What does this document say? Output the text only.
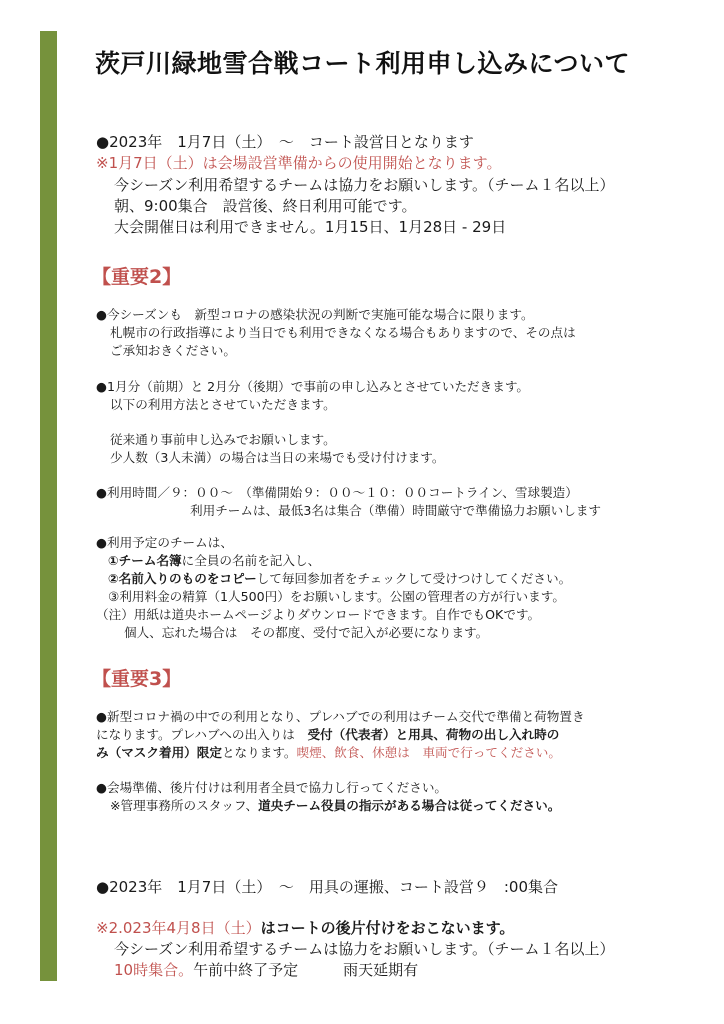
茨戸川緑地雪合戦コート利用申し込みについて
●2023年　1月7日（土）　～　コート設営日となります
※1月7日（土）は会場設営準備からの使用開始となります。
今シーズン利用希望するチームは協力をお願いします。（チーム１名以上）
朝、9:00集合　設営後、終日利用可能です。
大会開催日は利用できません。1月15日、1月28日 - 29日
【重要2】
●今シーズンも　新型コロナの感染状況の判断で実施可能な場合に限ります。
札幌市の行政指導により当日でも利用できなくなる場合もありますので、その点は
ご承知おきください。
●1月分（前期）と 2月分（後期）で事前の申し込みとさせていただきます。
以下の利用方法とさせていただきます。
従来通り事前申し込みでお願いします。
少人数（3人未満）の場合は当日の来場でも受け付けます。
●利用時間／９：００～　（準備開始９：００～１０：００コートライン、雪球製造）
利用チームは、最低3名は集合（準備）時間厳守で準備協力お願いします
●利用予定のチームは、
①チーム名簿に全員の名前を記入し、
②名前入りのものをコピーして毎回参加者をチェックして受けつけしてください。
③利用料金の精算（1人500円）をお願いします。公園の管理者の方が行います。
（注）用紙は道央ホームページよりダウンロードできます。自作でもOKです。
個人、忘れた場合は　その都度、受付で記入が必要になります。
【重要3】
●新型コロナ禍の中での利用となり、プレハブでの利用はチーム交代で準備と荷物置き
になります。プレハブへの出入りは　受付（代表者）と用具、荷物の出し入れ時の
み（マスク着用）限定となります。喫煙、飲食、休憩は　車両で行ってください。
●会場準備、後片付けは利用者全員で協力し行ってください。
※管理事務所のスタッフ、道央チーム役員の指示がある場合は従ってください。
●2023年　1月7日（土）　～　用具の運搬、コート設営９　:00集合
※2.023年4月8日（土）はコートの後片付けをおこないます。
今シーズン利用希望するチームは協力をお願いします。（チーム１名以上）
10時集合。午前中終了予定　　　雨天延期有
